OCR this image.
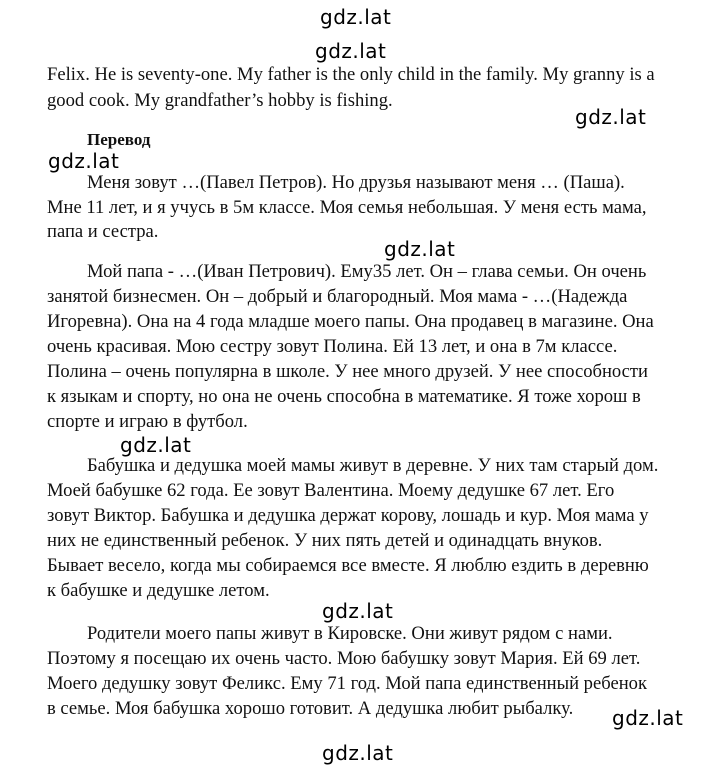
Felix. He is seventy-one. My father is the only child in the family. My granny is a
good cook. My grandfather’s hobby is fishing.
Перевод
Меня зовут …(Павел Петров). Но друзья называют меня … (Паша).
Мне 11 лет, и я учусь в 5м классе. Моя семья небольшая. У меня есть мама,
папа и сестра.
Мой папа - …(Иван Петрович). Ему35 лет. Он – глава семьи. Он очень
занятой бизнесмен. Он – добрый и благородный. Моя мама - …(Надежда
Игоревна). Она на 4 года младше моего папы. Она продавец в магазине. Она
очень красивая. Мою сестру зовут Полина. Ей 13 лет, и она в 7м классе.
Полина – очень популярна в школе. У нее много друзей. У нее способности
к языкам и спорту, но она не очень способна в математике. Я тоже хорош в
спорте и играю в футбол.
Бабушка и дедушка моей мамы живут в деревне. У них там старый дом.
Моей бабушке 62 года. Ее зовут Валентина. Моему дедушке 67 лет. Его
зовут Виктор. Бабушка и дедушка держат корову, лошадь и кур. Моя мама у
них не единственный ребенок. У них пять детей и одинадцать внуков.
Бывает весело, когда мы собираемся все вместе. Я люблю ездить в деревню
к бабушке и дедушке летом.
Родители моего папы живут в Кировске. Они живут рядом с нами.
Поэтому я посещаю их очень часто. Мою бабушку зовут Мария. Ей 69 лет.
Моего дедушку зовут Феликс. Ему 71 год. Мой папа единственный ребенок
в семье. Моя бабушка хорошо готовит. А дедушка любит рыбалку.
gdz.lat
gdz.lat
gdz.lat
gdz.lat
gdz.lat
gdz.lat
gdz.lat
gdz.lat
gdz.lat
